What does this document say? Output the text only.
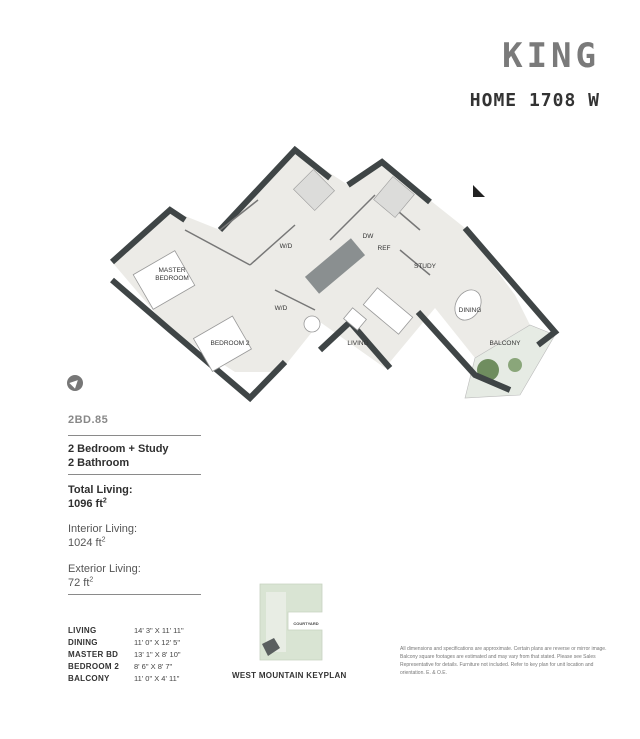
KING
HOME 1708 W
MASTER
BEDROOM
BEDROOM 2	LIVING
DINING
BALCONY
STUDY
W/D
DW
REF
W/D
2BD.85
2 Bedroom + Study
2 Bathroom
Total Living:
1096 $ft^2$
Interior Living:
1024 $ft^2$
Exterior Living:
72 $ft^2$
LIVING	14' 3" X 11' 11"
DINING	11' 0" X 12' 5"
MASTER BD	13' 1" X 8' 10"
BEDROOM 2	8' 6" X 8' 7"
BALCONY	11' 0" X 4' 11"
COURTYARD
WEST MOUNTAIN KEYPLAN
All dimensions and specifications are approximate. Certain plans are reverse or mirror image. Balcony square footages are estimated and may vary from that stated. Please see Sales Representative for details. Furniture not included. Refer to key plan for unit location and orientation. E. & O.E.
